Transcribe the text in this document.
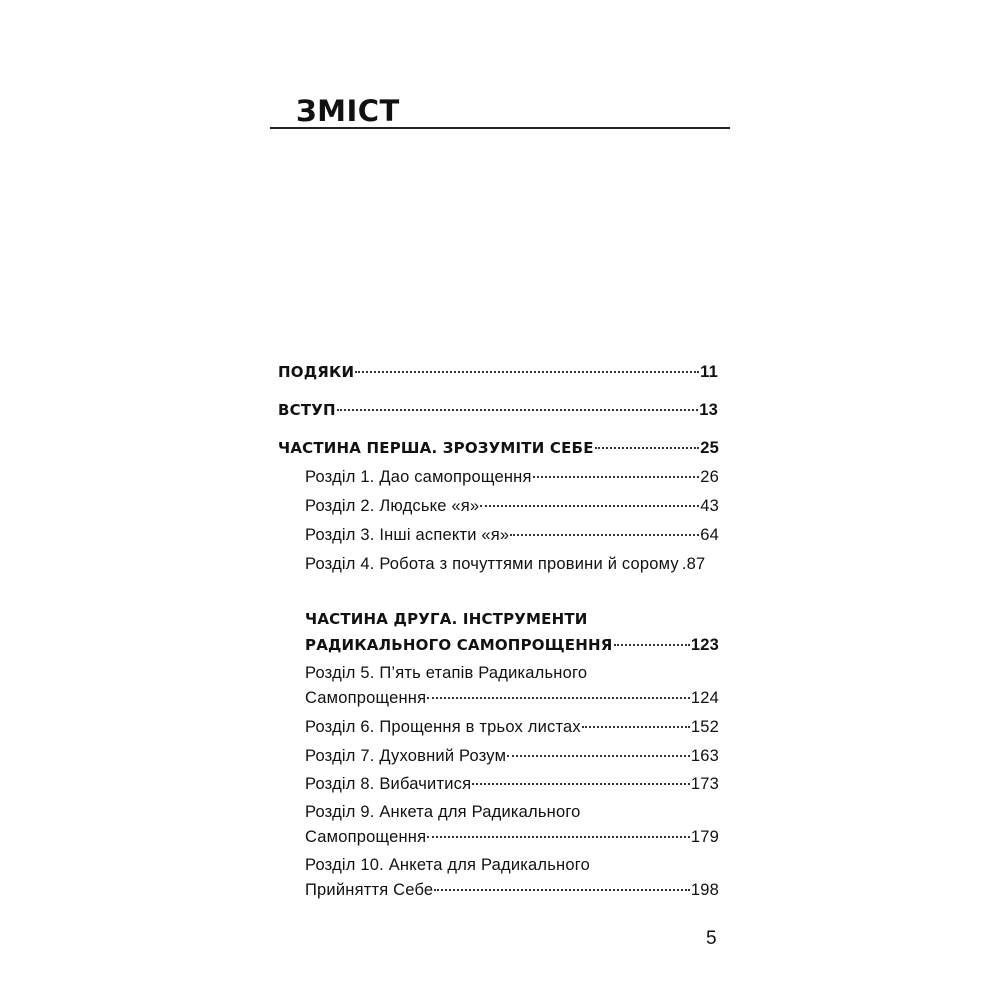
ЗМІСТ
ПОДЯКИ	11
ВСТУП	13
ЧАСТИНА ПЕРША. ЗРОЗУМІТИ СЕБЕ	25
Розділ 1. Дао самопрощення	26
Розділ 2. Людське «я»	43
Розділ 3. Інші аспекти «я»	64
Розділ 4. Робота з почуттями провини й сорому .87
ЧАСТИНА ДРУГА. ІНСТРУМЕНТИ
РАДИКАЛЬНОГО САМОПРОЩЕННЯ	123
Розділ 5. П’ять етапів Радикального
Самопрощення	124
Розділ 6. Прощення в трьох листах	152
Розділ 7. Духовний Розум	163
Розділ 8. Вибачитися	173
Розділ 9. Анкета для Радикального
Самопрощення	179
Розділ 10. Анкета для Радикального
Прийняття Себе	198
5
